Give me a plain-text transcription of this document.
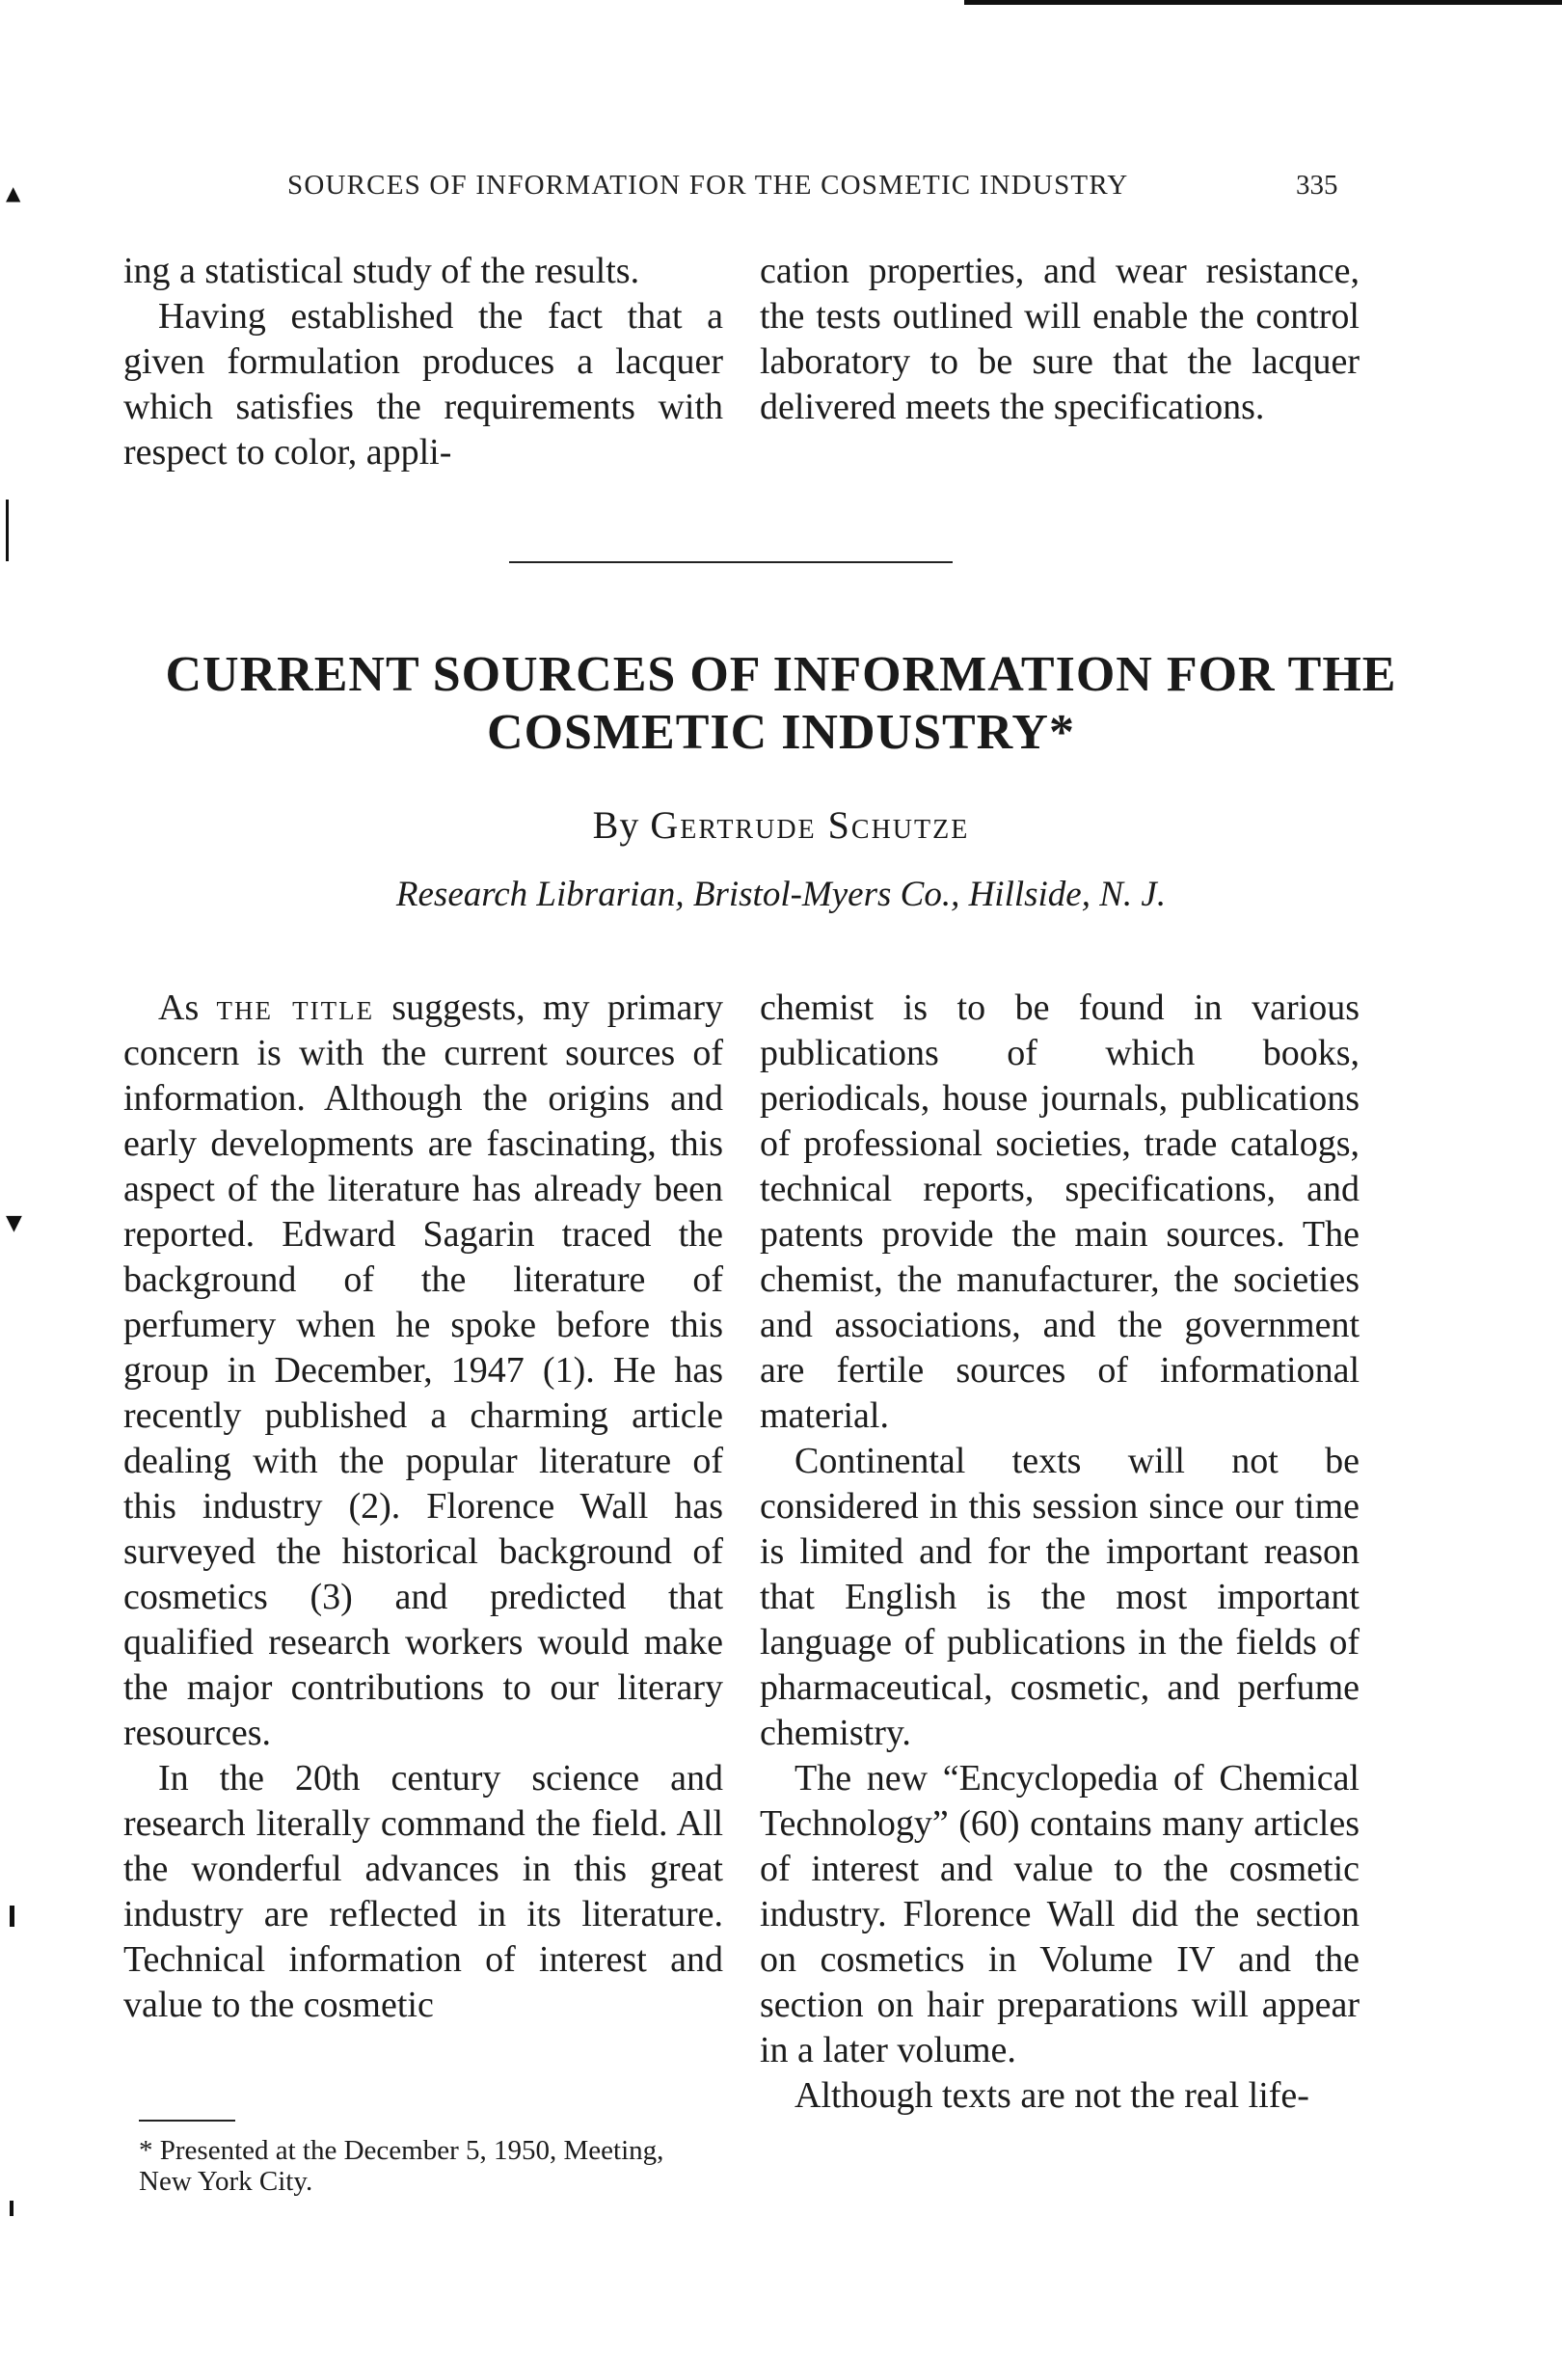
▲
▼
SOURCES OF INFORMATION FOR THE COSMETIC INDUSTRY	335

ing a statistical study of the results.

Having established the fact that a given formulation produces a lacquer which satisfies the requirements with respect to color, appli-

cation properties, and wear resistance, the tests outlined will enable the control laboratory to be sure that the lacquer delivered meets the specifications.

CURRENT SOURCES OF INFORMATION FOR THE
COSMETIC INDUSTRY*
By Gertrude Schutze
Research Librarian, Bristol-Myers Co., Hillside, N. J.

As the title suggests, my primary concern is with the current sources of information. Although the origins and early developments are fascinating, this aspect of the literature has already been reported. Edward Sagarin traced the background of the literature of perfumery when he spoke before this group in December, 1947 (1). He has recently published a charming article dealing with the popular literature of this industry (2). Florence Wall has surveyed the historical background of cosmetics (3) and predicted that qualified research workers would make the major contributions to our literary resources.

In the 20th century science and research literally command the field. All the wonderful advances in this great industry are reflected in its literature. Technical information of interest and value to the cosmetic

chemist is to be found in various publications of which books, periodicals, house journals, publications of professional societies, trade catalogs, technical reports, specifications, and patents provide the main sources. The chemist, the manufacturer, the societies and associations, and the government are fertile sources of informational material.

Continental texts will not be considered in this session since our time is limited and for the important reason that English is the most important language of publications in the fields of pharmaceutical, cosmetic, and perfume chemistry.

The new “Encyclopedia of Chemical Technology” (60) contains many articles of interest and value to the cosmetic industry. Florence Wall did the section on cosmetics in Volume IV and the section on hair preparations will appear in a later volume.

Although texts are not the real life-

* Presented at the December 5, 1950, Meeting, New York City.
